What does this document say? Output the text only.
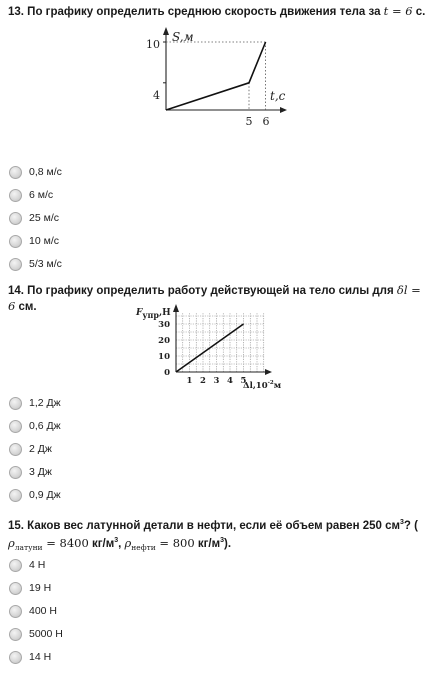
13. По графику определить среднюю скорость движения тела за t = 6 с.
S,м
t,с
10
4
5 6
0,8 м/с
6 м/с
25 м/с
10 м/с
5/3 м/с
14. По графику определить работу действующей на тело силы для δl = 6 см.	Fупр,Н
$\Delta l,10^{-2}м$
30
20
10
0
1 2 3 4 5
1,2 Дж
0,6 Дж
2 Дж
3 Дж
0,9 Дж
15. Каков вес латунной детали в нефти, если её объем равен 250 $см^3$? (
$\rho_{латуни} = 8400$ $кг/м^3$, $\rho_{нефти} = 800$ $кг/м^3$).
4 Н
19 Н
400 Н
5000 Н
14 Н
